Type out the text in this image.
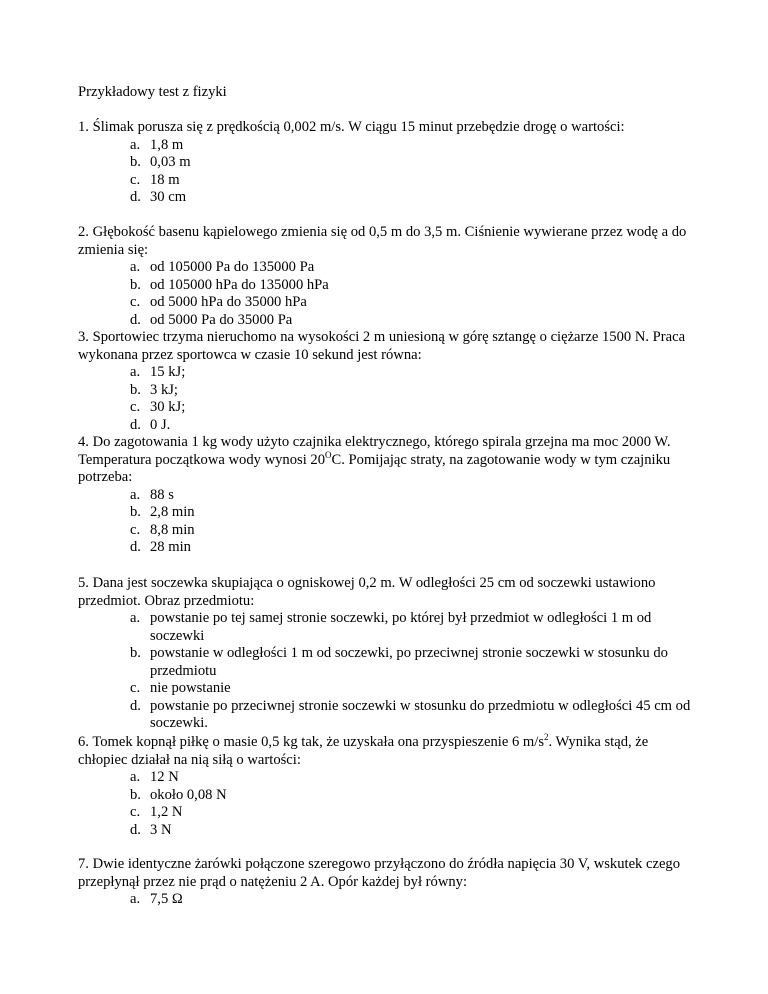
Przykładowy test z fizyki
1. Ślimak porusza się z prędkością 0,002 m/s. W ciągu 15 minut przebędzie drogę o wartości:
a. 1,8 m
b. 0,03 m
c. 18 m
d. 30 cm
2. Głębokość basenu kąpielowego zmienia się od 0,5 m do 3,5 m. Ciśnienie wywierane przez wodę a do zmienia się:
a. od 105000 Pa do 135000 Pa
b. od 105000 hPa do 135000 hPa
c. od 5000 hPa do 35000 hPa
d. od 5000 Pa do 35000 Pa
3. Sportowiec trzyma nieruchomo na wysokości 2 m uniesioną w górę sztangę o ciężarze 1500 N. Praca wykonana przez sportowca w czasie 10 sekund jest równa:
a. 15 kJ;
b. 3 kJ;
c. 30 kJ;
d. 0 J.
4. Do zagotowania 1 kg wody użyto czajnika elektrycznego, którego spirala grzejna ma moc 2000 W. Temperatura początkowa wody wynosi $20^OC$. Pomijając straty, na zagotowanie wody w tym czajniku potrzeba:
a. 88 s
b. 2,8 min
c. 8,8 min
d. 28 min
5. Dana jest soczewka skupiająca o ogniskowej 0,2 m. W odległości 25 cm od soczewki ustawiono przedmiot. Obraz przedmiotu:
a. powstanie po tej samej stronie soczewki, po której był przedmiot w odległości 1 m od soczewki
b. powstanie w odległości 1 m od soczewki, po przeciwnej stronie soczewki w stosunku do przedmiotu
c. nie powstanie
d. powstanie po przeciwnej stronie soczewki w stosunku do przedmiotu w odległości 45 cm od soczewki.
6. Tomek kopnął piłkę o masie 0,5 kg tak, że uzyskała ona przyspieszenie 6 $m/s^2$. Wynika stąd, że chłopiec działał na nią siłą o wartości:
a. 12 N
b. około 0,08 N
c. 1,2 N
d. 3 N
7. Dwie identyczne żarówki połączone szeregowo przyłączono do źródła napięcia 30 V, wskutek czego przepłynął przez nie prąd o natężeniu 2 A. Opór każdej był równy:
a. 7,5 Ω
